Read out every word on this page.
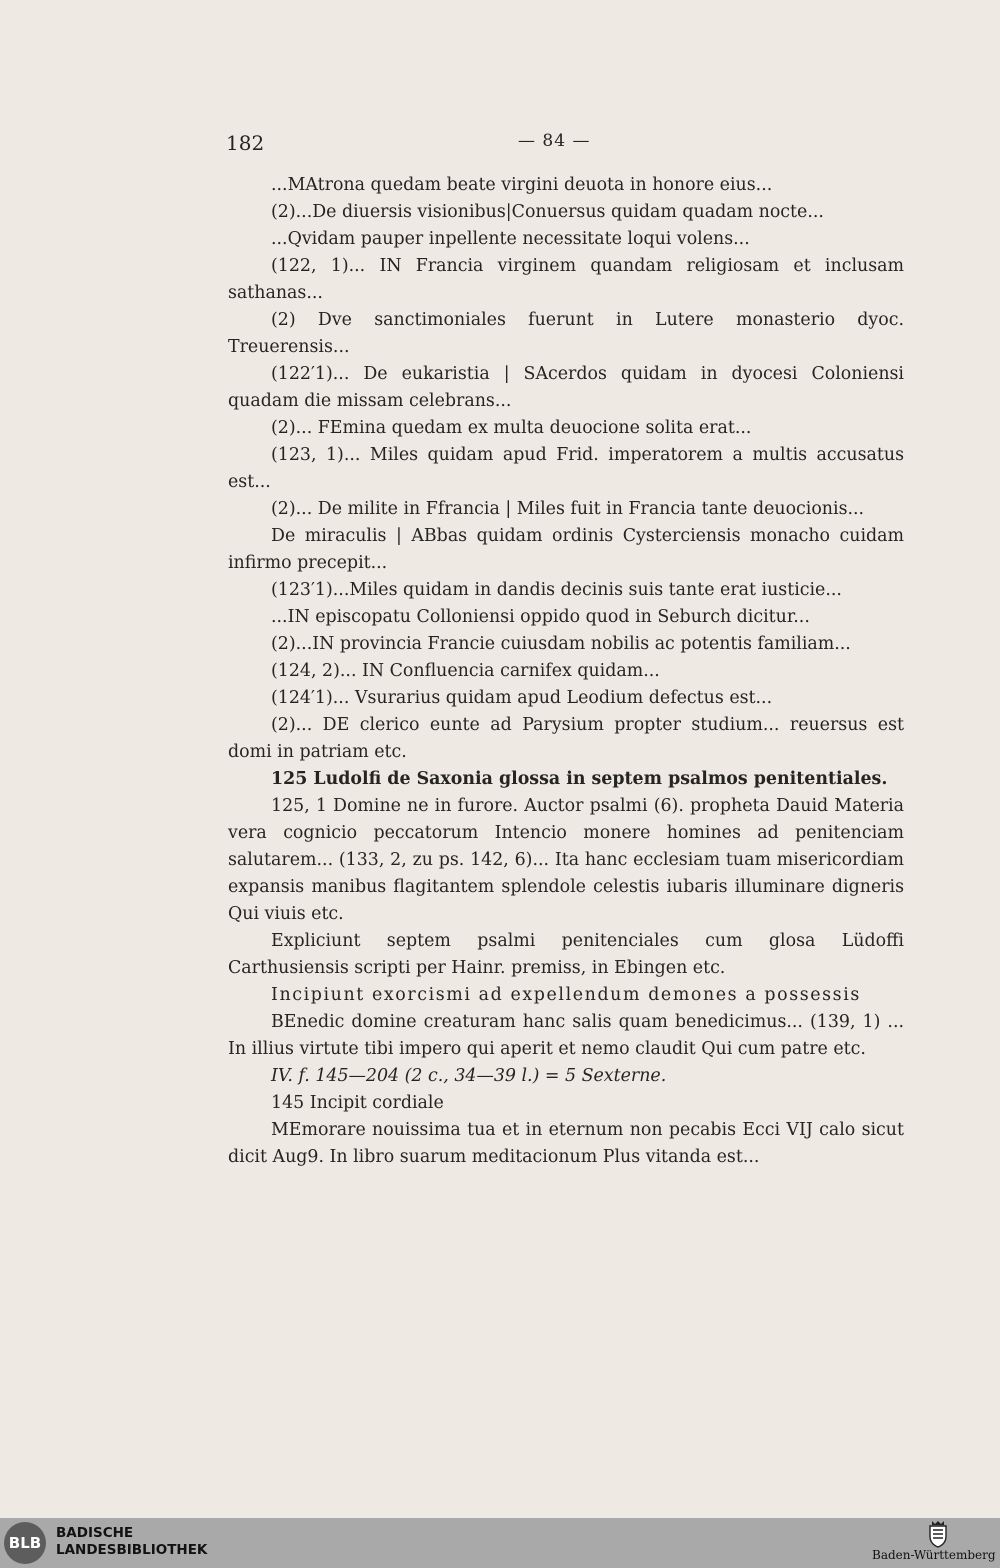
182	— 84 —

...MAtrona quedam beate virgini deuota in honore eius...

(2)...De diuersis visionibus|Conuersus quidam quadam nocte...

...Qvidam pauper inpellente necessitate loqui volens...

(122, 1)... IN Francia virginem quandam religiosam et inclusam sathanas...

(2) Dve sanctimoniales fuerunt in Lutere monasterio dyoc. Treuerensis...

(122′1)... De eukaristia | SAcerdos quidam in dyocesi Coloniensi quadam die missam celebrans...

(2)... FEmina quedam ex multa deuocione solita erat...

(123, 1)... Miles quidam apud Frid. imperatorem a multis accusatus est...

(2)... De milite in Ffrancia | Miles fuit in Francia tante deuocionis...

De miraculis | ABbas quidam ordinis Cysterciensis monacho cuidam infirmo precepit...

(123′1)...Miles quidam in dandis decinis suis tante erat iusticie...

...IN episcopatu Colloniensi oppido quod in Seburch dicitur...

(2)...IN provincia Francie cuiusdam nobilis ac potentis familiam...

(124, 2)... IN Confluencia carnifex quidam...

(124′1)... Vsurarius quidam apud Leodium defectus est...

(2)... DE clerico eunte ad Parysium propter studium... reuersus est domi in patriam etc.

125 Ludolfi de Saxonia glossa in septem psalmos penitentiales.

125, 1 Domine ne in furore. Auctor psalmi (6). propheta Dauid Materia vera cognicio peccatorum Intencio monere homines ad penitenciam salutarem... (133, 2, zu ps. 142, 6)... Ita hanc ecclesiam tuam misericordiam expansis manibus flagitantem splendole celestis iubaris illuminare digneris Qui viuis etc.

Expliciunt septem psalmi penitenciales cum glosa Lüdoffi Carthusiensis scripti per Hainr. premiss, in Ebingen etc.

Incipiunt exorcismi ad expellendum demones a possessis

BEnedic domine creaturam hanc salis quam benedicimus... (139, 1) ... In illius virtute tibi impero qui aperit et nemo claudit Qui cum patre etc.

IV. f. 145—204 (2 c., 34—39 l.) = 5 Sexterne.

145 Incipit cordiale

MEmorare nouissima tua et in eternum non pecabis Ecci VIJ calo sicut dicit Aug9. In libro suarum meditacionum Plus vitanda est...

BLB
BADISCHE
LANDESBIBLIOTHEK	Baden-Württemberg
